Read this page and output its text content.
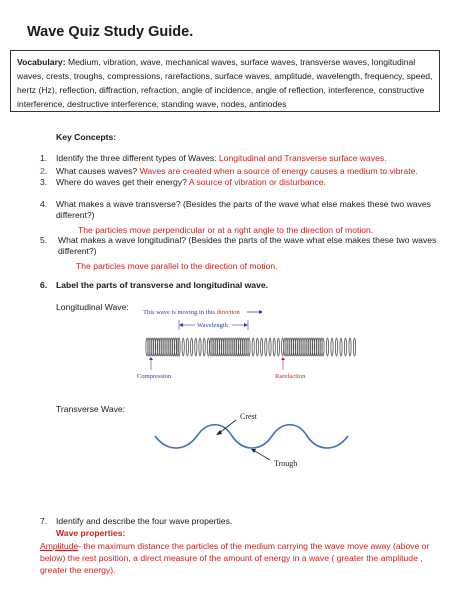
Wave Quiz Study Guide.
Vocabulary: Medium, vibration, wave, mechanical waves, surface waves, transverse waves, longitudinal waves, crests, troughs, compressions, rarefactions, surface waves, amplitude, wavelength, frequency, speed, hertz (Hz), reflection, diffraction, refraction, angle of incidence, angle of reflection, interference, constructive interference, destructive interference, standing wave, nodes, antinodes
Key Concepts:
1. Identify the three different types of Waves: Longitudinal and Transverse surface waves.
2. What causes waves? Waves are created when a source of energy causes a medium to vibrate.
3. Where do waves get their energy? A source of vibration or disturbance.
4. What makes a wave transverse? (Besides the parts of the wave what else makes these two waves different?)
The particles move perpendicular or at a right angle to the direction of motion.
5. What makes a wave longitudinal? (Besides the parts of the wave what else makes these two waves different?)
The particles move parallel to the direction of motion.
6. Label the parts of transverse and longitudinal wave.
Longitudinal Wave:
This wave is moving in this direction
Wavelength
Compression	Rarefaction
Transverse Wave:
Crest
Trough
7. Identify and describe the four wave properties.
Wave properties:
Amplitude- the maximum distance the particles of the medium carrying the wave move away (above or below) the rest position, a direct measure of the amount of energy in a wave ( greater the amplitude , greater the energy).
